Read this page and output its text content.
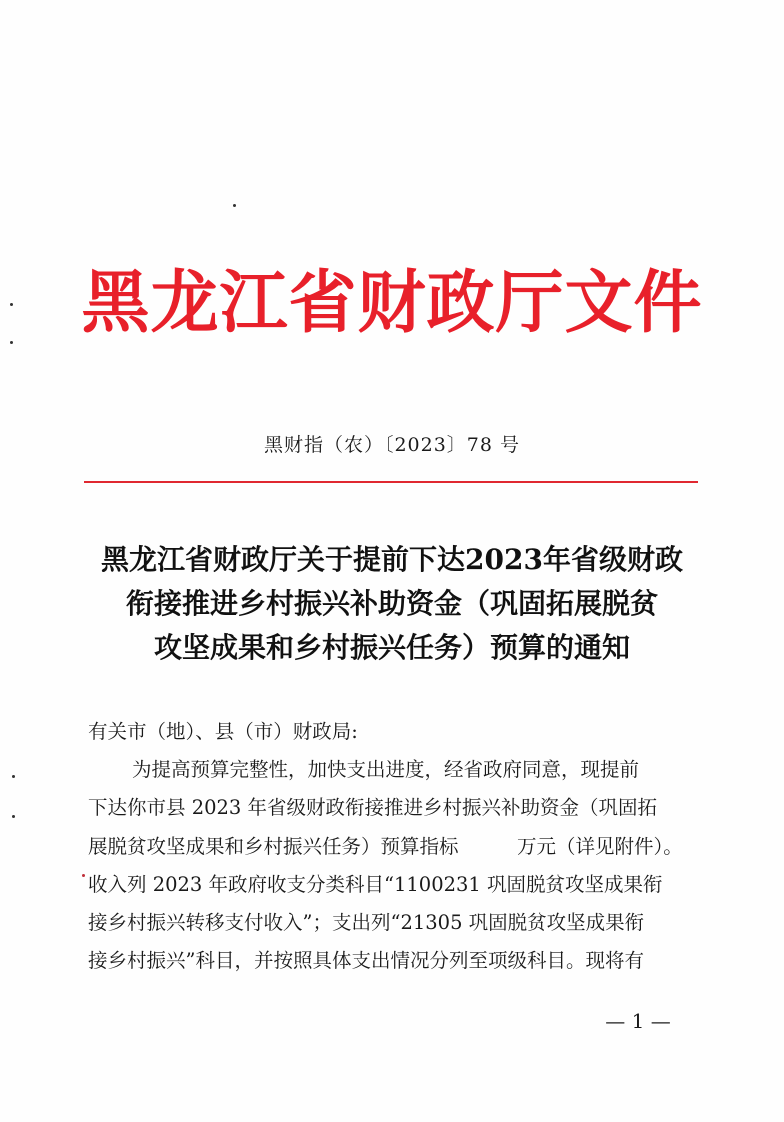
黑龙江省财政厅文件
黑财指（农）〔2023〕78 号
黑龙江省财政厅关于提前下达2023年省级财政
衔接推进乡村振兴补助资金（巩固拓展脱贫
攻坚成果和乡村振兴任务）预算的通知
有关市（地）、县（市）财政局:
为提高预算完整性，加快支出进度，经省政府同意，现提前
下达你市县 2023 年省级财政衔接推进乡村振兴补助资金（巩固拓
展脱贫攻坚成果和乡村振兴任务）预算指标　　　万元（详见附件）。
收入列 2023 年政府收支分类科目“1100231 巩固脱贫攻坚成果衔
接乡村振兴转移支付收入”；支出列“21305 巩固脱贫攻坚成果衔
接乡村振兴”科目，并按照具体支出情况分列至项级科目。现将有
— 1 —
